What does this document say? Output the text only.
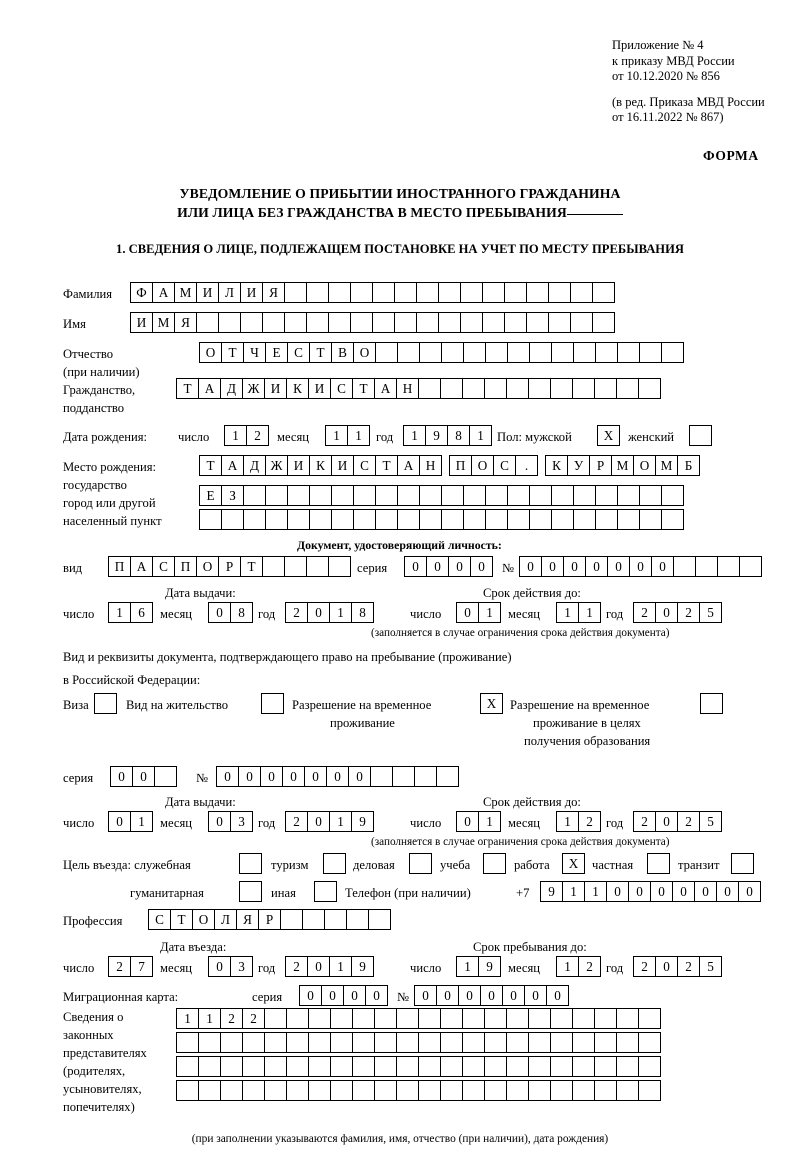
Приложение № 4
к приказу МВД России
от 10.12.2020 № 856
(в ред. Приказа МВД России
от 16.11.2022 № 867)
ФОРМА
УВЕДОМЛЕНИЕ О ПРИБЫТИИ ИНОСТРАННОГО ГРАЖДАНИНА
ИЛИ ЛИЦА БЕЗ ГРАЖДАНСТВА В МЕСТО ПРЕБЫВАНИЯ
1. СВЕДЕНИЯ О ЛИЦЕ, ПОДЛЕЖАЩЕМ ПОСТАНОВКЕ НА УЧЕТ ПО МЕСТУ ПРЕБЫВАНИЯ
Фамилия	Ф А М И Л И Я
Имя	И М Я
Отчество
(при наличии)
О	Т	Ч	Е	С	Т	В О
Гражданство,
подданство
Т	А Д Ж И К И С	Т	А Н
Дата рождения: число	1	2	месяц	1	1	год	1	9	8	1	Пол: мужской	X	женский
Место рождения:
государство
город или другой
населенный пункт
Т	А Д Ж И К И С	Т	А Н	П О С	.	К У	Р М О М Б
Е	З
Документ, удостоверяющий личность:
вид	П А С П О	Р	Т	серия	0	0	0	0	№ 0	0	0	0	0	0	0
Дата выдачи:	Срок действия до:
число	1	6	месяц	0	8	год	2	0	1	8	число	0	1	месяц	1	1	год	2	0	2	5
(заполняется в случае ограничения срока действия документа)
Вид и реквизиты документа, подтверждающего право на пребывание (проживание)
в Российской Федерации:
Виза	Вид на жительство	Разрешение на временное
проживание
X	Разрешение на временное
проживание в целях
получения образования
серия	0	0	№	0	0	0	0	0	0	0
Дата выдачи:	Срок действия до:
число	0	1	месяц	0	3	год	2	0	1	9	число	0	1	месяц	1	2	год	2	0	2	5
(заполняется в случае ограничения срока действия документа)
Цель въезда: служебная	туризм	деловая	учеба	работа	X	частная	транзит
гуманитарная	иная	Телефон (при наличии)	+7	9	1	1	0	0	0	0	0	0	0
Профессия	С	Т	О Л Я	Р
Дата въезда:	Срок пребывания до:
число	2	7	месяц	0	3	год	2	0	1	9	число	1	9	месяц	1	2	год	2	0	2	5
Миграционная карта:	серия	0	0	0	0	№ 0	0	0	0	0	0	0
Сведения о
законных
представителях
(родителях,
усыновителях,
попечителях)
1	1	2	2
(при заполнении указываются фамилия, имя, отчество (при наличии), дата рождения)
